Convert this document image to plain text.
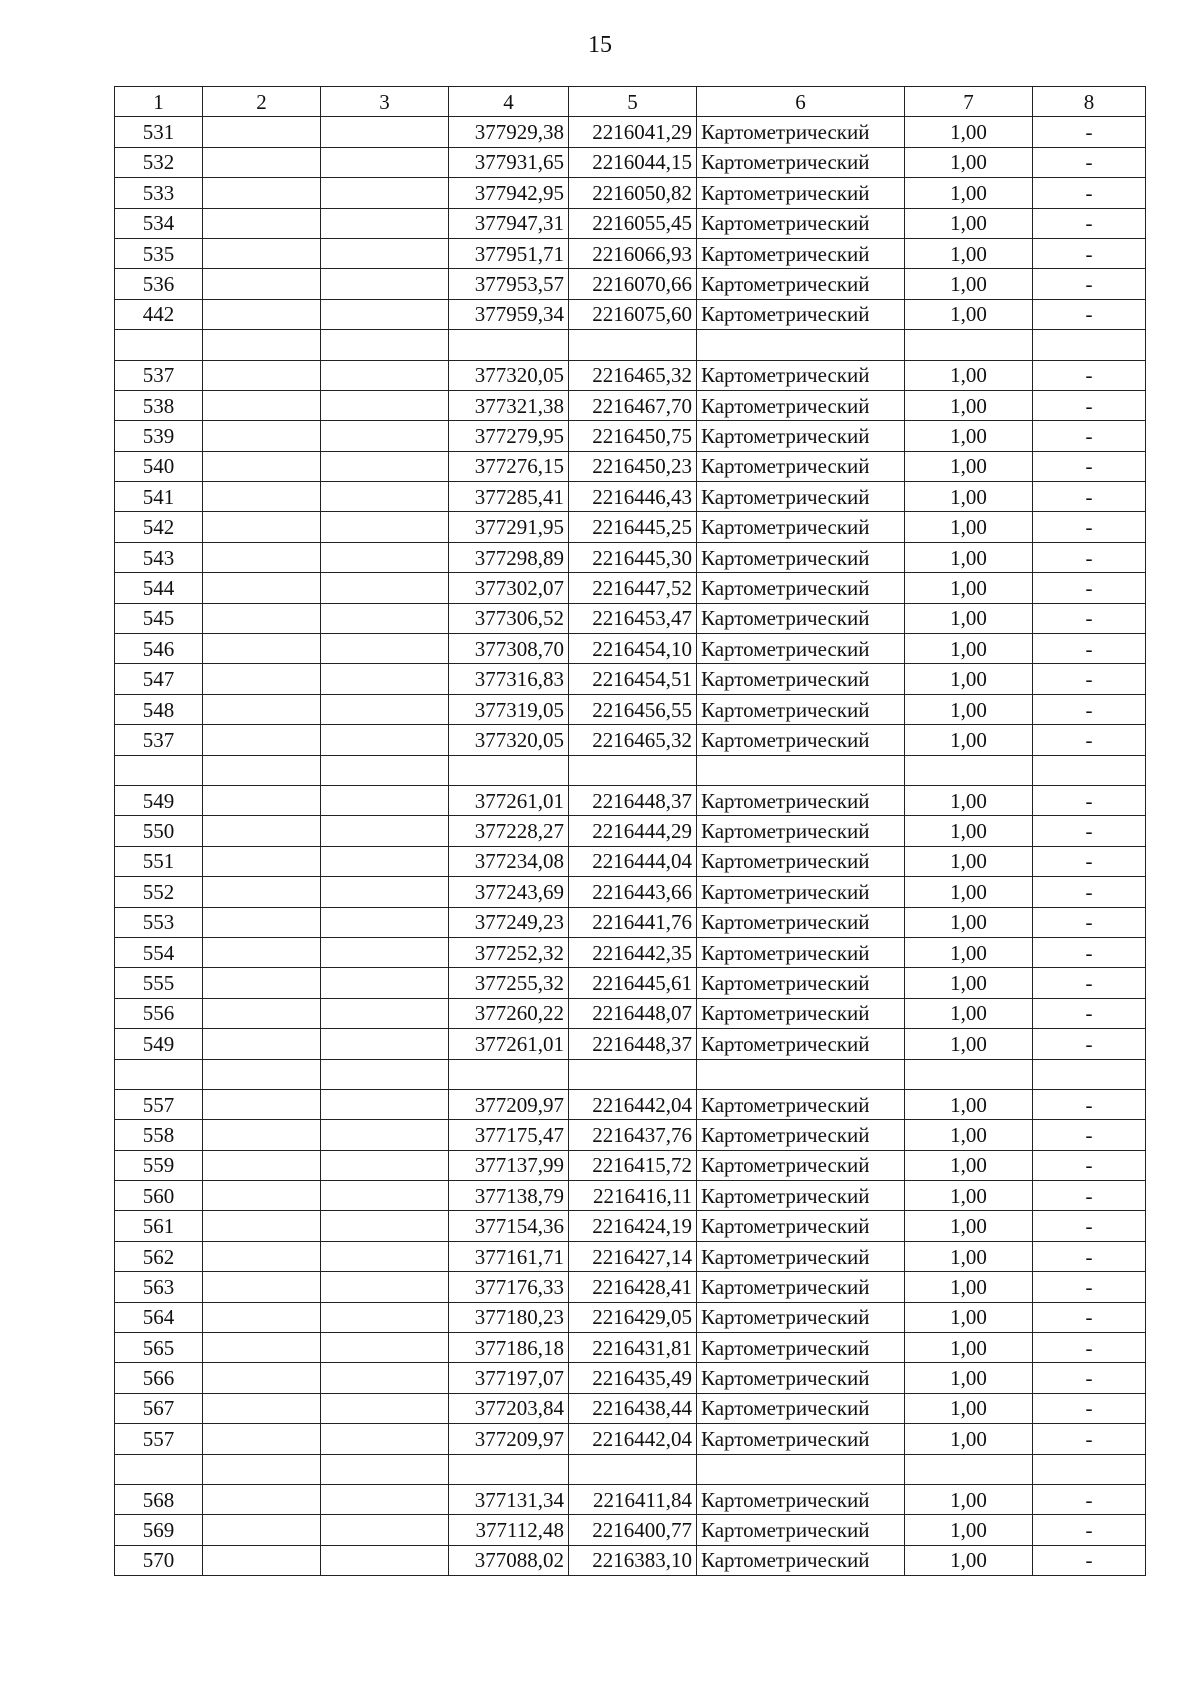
15
1	2	3	4	5	6	7	8
531			377929,38	2216041,29	Картометрический	1,00	-
532			377931,65	2216044,15	Картометрический	1,00	-
533			377942,95	2216050,82	Картометрический	1,00	-
534			377947,31	2216055,45	Картометрический	1,00	-
535			377951,71	2216066,93	Картометрический	1,00	-
536			377953,57	2216070,66	Картометрический	1,00	-
442			377959,34	2216075,60	Картометрический	1,00	-

537			377320,05	2216465,32	Картометрический	1,00	-
538			377321,38	2216467,70	Картометрический	1,00	-
539			377279,95	2216450,75	Картометрический	1,00	-
540			377276,15	2216450,23	Картометрический	1,00	-
541			377285,41	2216446,43	Картометрический	1,00	-
542			377291,95	2216445,25	Картометрический	1,00	-
543			377298,89	2216445,30	Картометрический	1,00	-
544			377302,07	2216447,52	Картометрический	1,00	-
545			377306,52	2216453,47	Картометрический	1,00	-
546			377308,70	2216454,10	Картометрический	1,00	-
547			377316,83	2216454,51	Картометрический	1,00	-
548			377319,05	2216456,55	Картометрический	1,00	-
537			377320,05	2216465,32	Картометрический	1,00	-

549			377261,01	2216448,37	Картометрический	1,00	-
550			377228,27	2216444,29	Картометрический	1,00	-
551			377234,08	2216444,04	Картометрический	1,00	-
552			377243,69	2216443,66	Картометрический	1,00	-
553			377249,23	2216441,76	Картометрический	1,00	-
554			377252,32	2216442,35	Картометрический	1,00	-
555			377255,32	2216445,61	Картометрический	1,00	-
556			377260,22	2216448,07	Картометрический	1,00	-
549			377261,01	2216448,37	Картометрический	1,00	-

557			377209,97	2216442,04	Картометрический	1,00	-
558			377175,47	2216437,76	Картометрический	1,00	-
559			377137,99	2216415,72	Картометрический	1,00	-
560			377138,79	2216416,11	Картометрический	1,00	-
561			377154,36	2216424,19	Картометрический	1,00	-
562			377161,71	2216427,14	Картометрический	1,00	-
563			377176,33	2216428,41	Картометрический	1,00	-
564			377180,23	2216429,05	Картометрический	1,00	-
565			377186,18	2216431,81	Картометрический	1,00	-
566			377197,07	2216435,49	Картометрический	1,00	-
567			377203,84	2216438,44	Картометрический	1,00	-
557			377209,97	2216442,04	Картометрический	1,00	-

568			377131,34	2216411,84	Картометрический	1,00	-
569			377112,48	2216400,77	Картометрический	1,00	-
570			377088,02	2216383,10	Картометрический	1,00	-
